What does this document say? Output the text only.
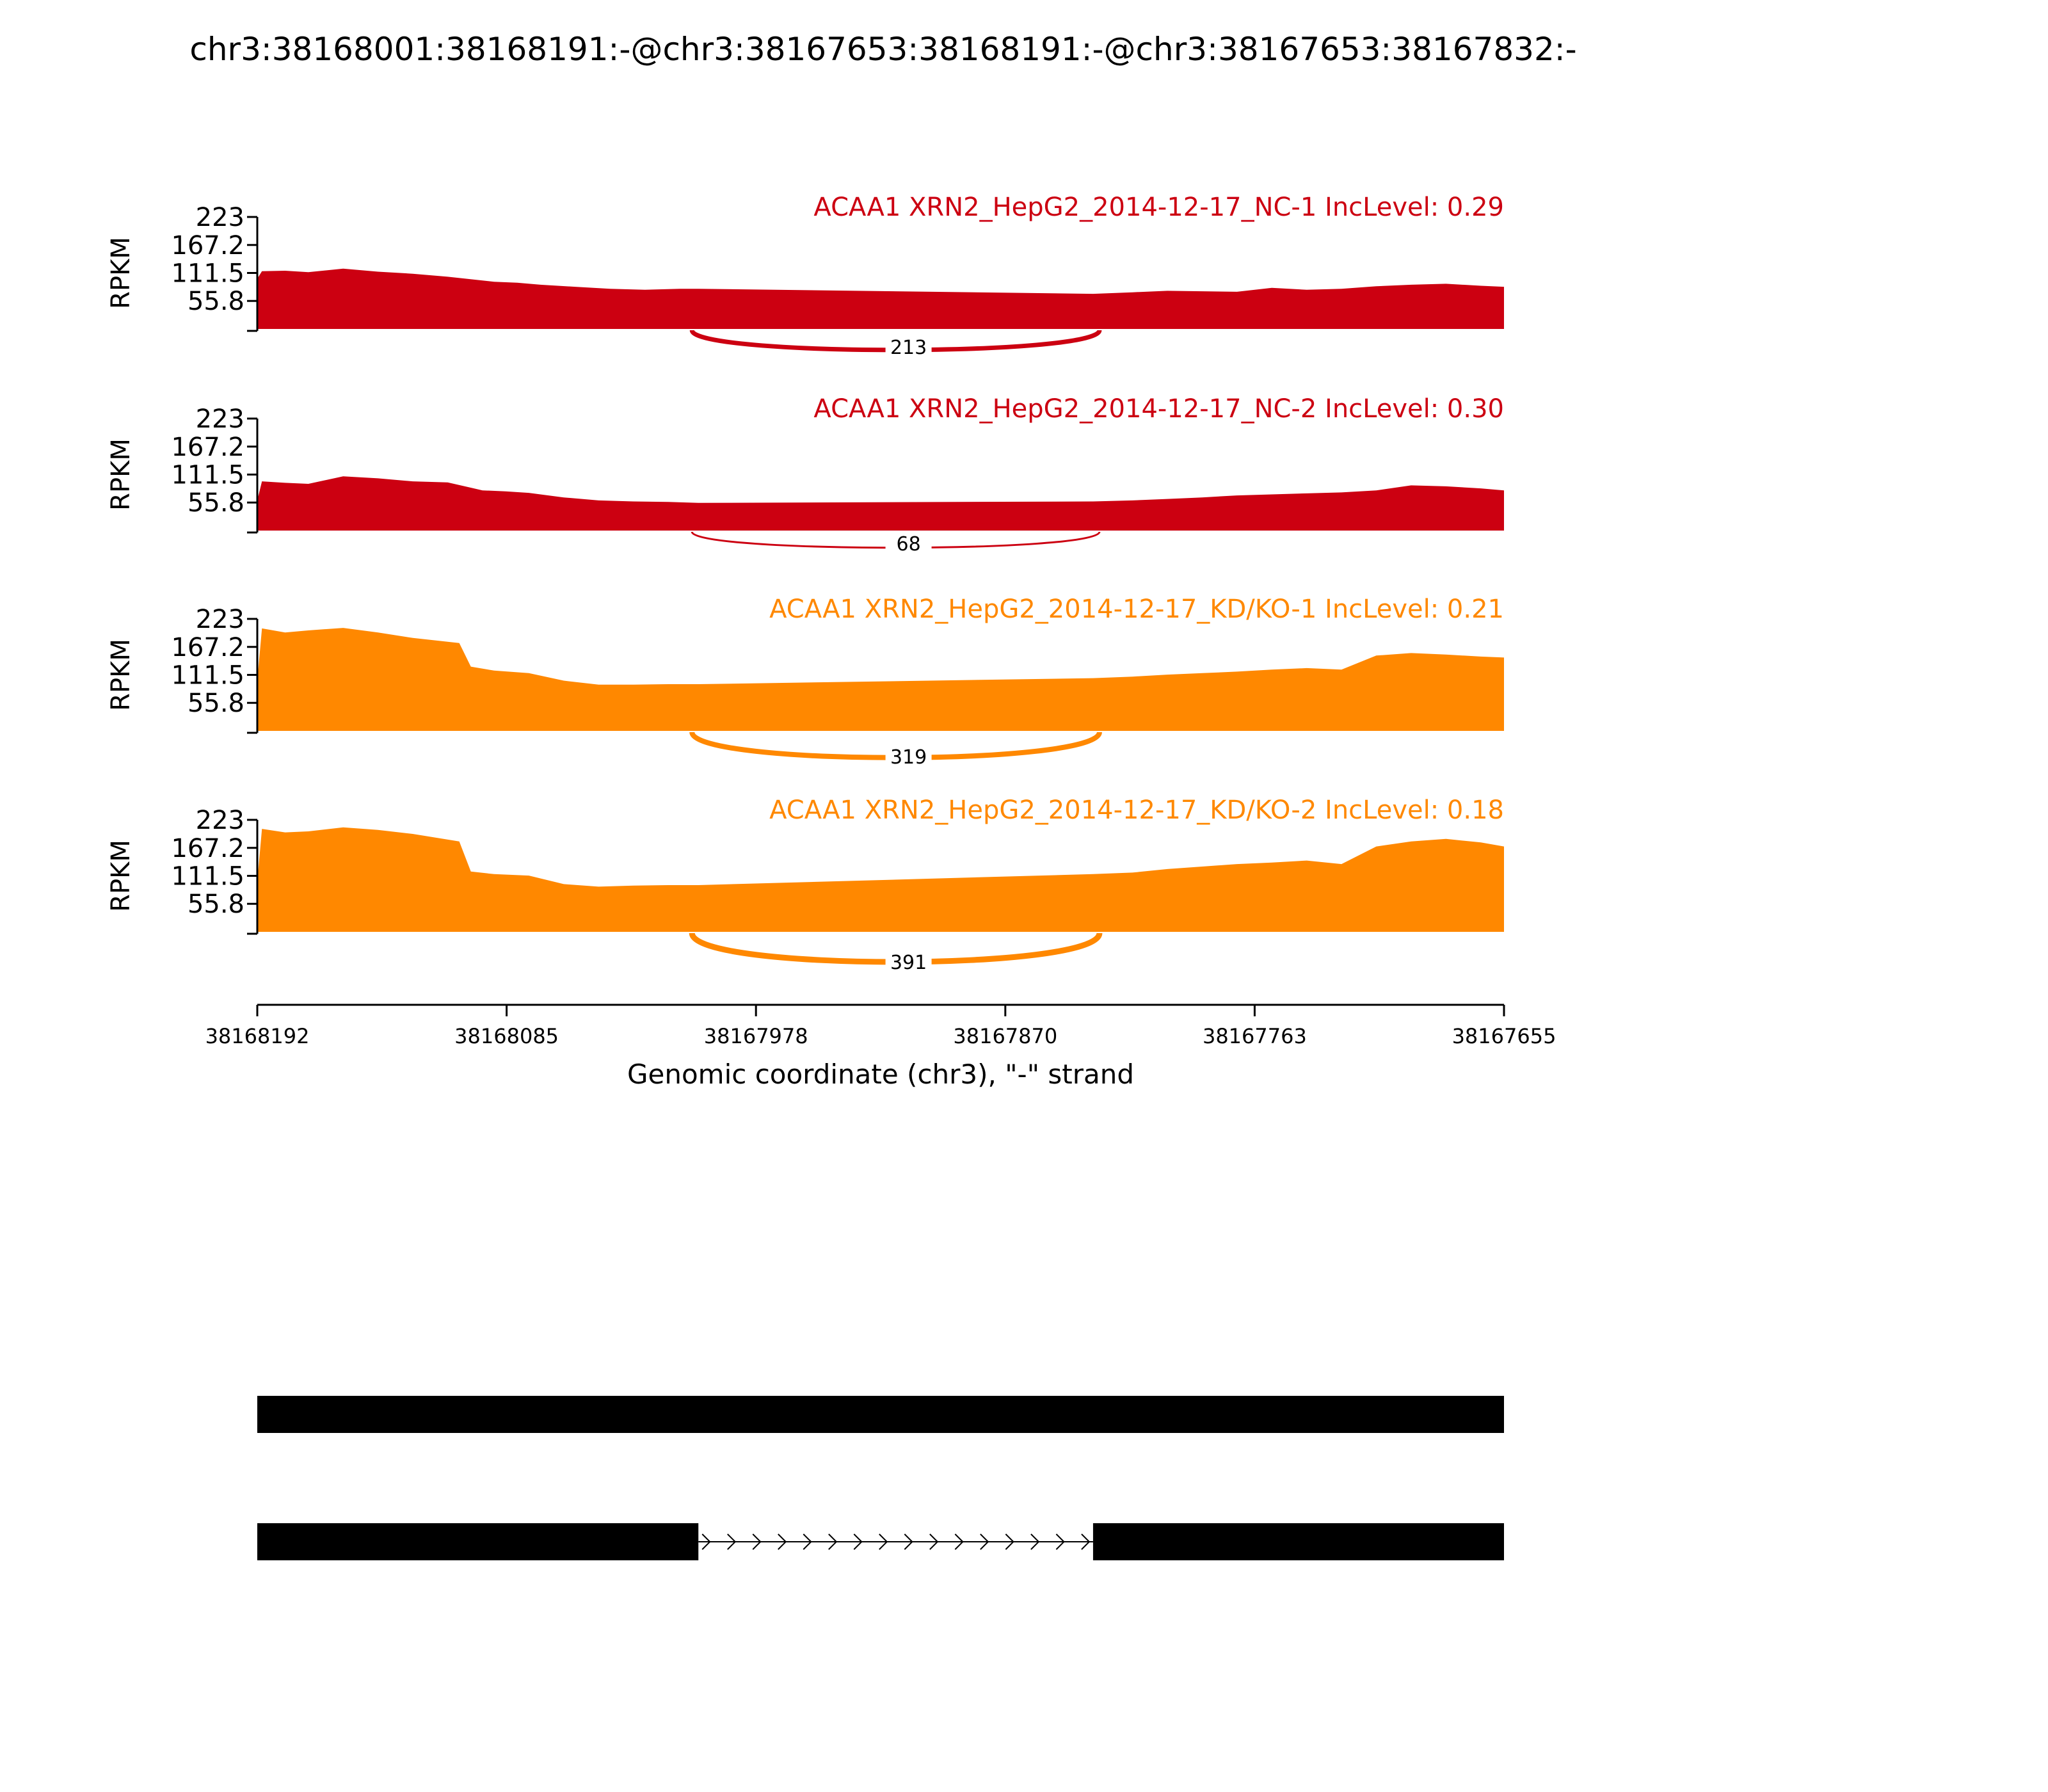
chr3:38168001:38168191:-@chr3:38167653:38168191:-@chr3:38167653:38167832:-
213
ACAA1 XRN2_HepG2_2014-12-17_NC-1 IncLevel: 0.29
223
167.2
111.5
55.8
RPKM
68
ACAA1 XRN2_HepG2_2014-12-17_NC-2 IncLevel: 0.30
223
167.2
111.5
55.8
RPKM
319
ACAA1 XRN2_HepG2_2014-12-17_KD/KO-1 IncLevel: 0.21
223
167.2
111.5
55.8
RPKM
391
ACAA1 XRN2_HepG2_2014-12-17_KD/KO-2 IncLevel: 0.18
223
167.2
111.5
55.8
RPKM
38168192	38168085	38167978	38167870	38167763	38167655
Genomic coordinate (chr3), "-" strand
